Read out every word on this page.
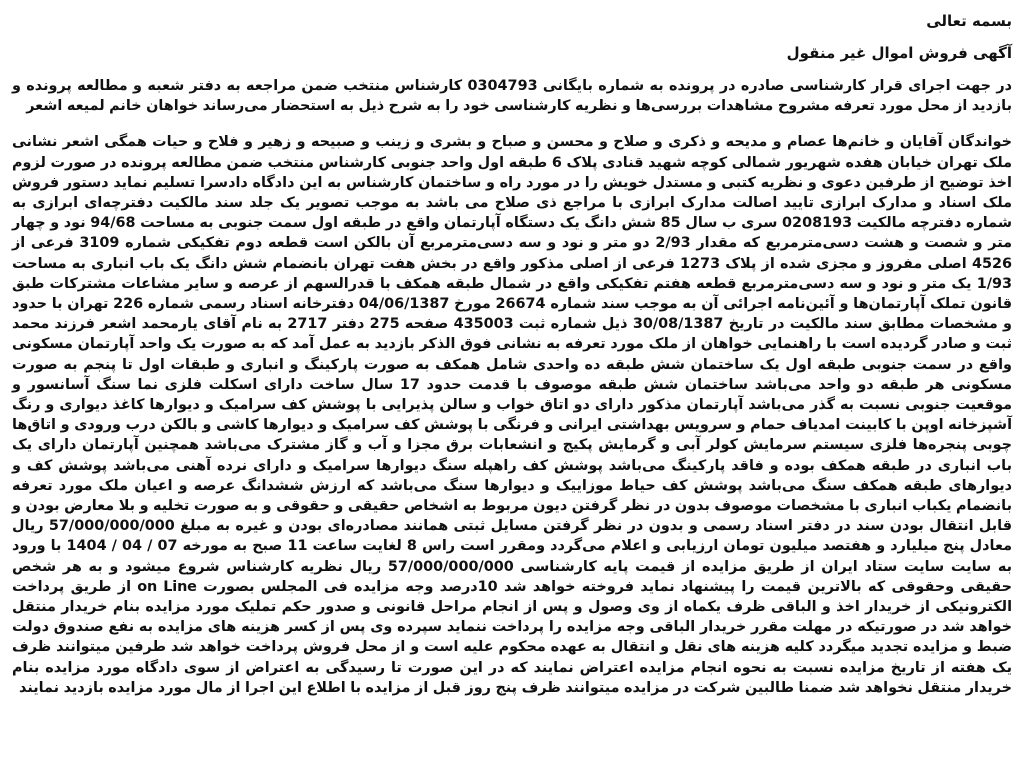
بسمه تعالی
آگهی فروش اموال غیر منقول

در جهت اجرای قرار کارشناسی صادره در پرونده به شماره بایگانی 0304793 کارشناس منتخب ضمن مراجعه به دفتر شعبه و مطالعه پرونده و بازدید از محل مورد تعرفه مشروح مشاهدات بررسی‌ها و نظریه کارشناسی خود را به شرح ذیل به استحضار می‌رساند خواهان خانم لمیعه اشعر

خواندگان آقایان و خانم‌ها عصام و مدیحه و ذکری و صلاح و محسن و صباح و بشری و زینب و صبیحه و زهیر و فلاح و حیات همگی اشعر نشانی ملک تهران خیابان هفده شهریور شمالی کوچه شهید قنادی پلاک 6 طبقه اول واحد جنوبی کارشناس منتخب ضمن مطالعه پرونده در صورت لزوم اخذ توضیح از طرفین دعوی و نظریه کتبی و مستدل خویش را در مورد راه و ساختمان کارشناس به این دادگاه دادسرا تسلیم نماید دستور فروش ملک اسناد و مدارک ابرازی تایید اصالت مدارک ابرازی با مراجع ذی صلاح می باشد به موجب تصویر یک جلد سند مالکیت دفترچه‌ای ابرازی به شماره دفترچه مالکیت 0208193 سری ب سال 85 شش دانگ یک دستگاه آپارتمان واقع در طبقه اول سمت جنوبی به مساحت 94/68 نود و چهار متر و شصت و هشت دسی‌مترمربع که مقدار 2/93 دو متر و نود و سه دسی‌مترمربع آن بالکن است قطعه دوم تفکیکی شماره 3109 فرعی از 4526 اصلی مفروز و مجزی شده از پلاک 1273 فرعی از اصلی مذکور واقع در بخش هفت تهران بانضمام شش دانگ یک باب انباری به مساحت 1/93 یک متر و نود و سه دسی‌مترمربع قطعه هفتم تفکیکی واقع در شمال طبقه همکف با قدرالسهم از عرصه و سایر مشاعات مشترکات طبق قانون تملک آپارتمان‌ها و آئین‌نامه اجرائی آن به موجب سند شماره 26674 مورخ 04/06/1387 دفترخانه اسناد رسمی شماره 226 تهران با حدود و مشخصات مطابق سند مالکیت در تاریخ 30/08/1387 ذیل شماره ثبت 435003 صفحه 275 دفتر 2717 به نام آقای یارمحمد اشعر فرزند محمد ثبت و صادر گردیده است با راهنمایی خواهان از ملک مورد تعرفه به نشانی فوق الذکر بازدید به عمل آمد که به صورت یک واحد آپارتمان مسکونی واقع در سمت جنوبی طبقه اول یک ساختمان شش طبقه ده واحدی شامل همکف به صورت پارکینگ و انباری و طبقات اول تا پنجم به صورت مسکونی هر طبقه دو واحد می‌باشد ساختمان شش طبقه موصوف با قدمت حدود 17 سال ساخت دارای اسکلت فلزی نما سنگ آسانسور و موقعیت جنوبی نسبت به گذر می‌باشد آپارتمان مذکور دارای دو اتاق خواب و سالن پذیرایی با پوشش کف سرامیک و دیوارها کاغذ دیواری و رنگ آشپزخانه اوپن با کابینت امدیاف حمام و سرویس بهداشتی ایرانی و فرنگی با پوشش کف سرامیک و دیوارها کاشی و بالکن درب ورودی و اتاق‌ها چوبی پنجره‌ها فلزی سیستم سرمایش کولر آبی و گرمایش پکیج و انشعابات برق مجزا و آب و گاز مشترک می‌باشد همچنین آپارتمان دارای یک باب انباری در طبقه همکف بوده و فاقد پارکینگ می‌باشد پوشش کف راهپله سنگ دیوارها سرامیک و دارای نرده آهنی می‌باشد پوشش کف و دیوارهای طبقه همکف سنگ می‌باشد پوشش کف حیاط موزاییک و دیوارها سنگ می‌باشد که ارزش ششدانگ عرصه و اعیان ملک مورد تعرفه بانضمام یکباب انباری با مشخصات موصوف بدون در نظر گرفتن دیون مربوط به اشخاص حقیقی و حقوقی و به صورت تخلیه و بلا معارض بودن و قابل انتقال بودن سند در دفتر اسناد رسمی و بدون در نظر گرفتن مسایل ثبتی همانند مصادره‌ای بودن و غیره به مبلغ 57/000/000/000 ریال معادل پنج میلیارد و هفتصد میلیون تومان ارزیابی و اعلام می‌گردد ومقرر است راس 8 لغایت ساعت 11 صبح به مورخه 07 / 04 / 1404 با ورود به سایت سایت ستاد ایران از طریق مزایده از قیمت پایه کارشناسی 57/000/000/000 ریال نظریه کارشناس شروع میشود و به هر شخص حقیقی وحقوقی که بالاترین قیمت را پیشنهاد نماید فروخته خواهد شد 10درصد وجه مزایده فی المجلس بصورت on Line از طریق پرداخت الکترونیکی از خریدار اخذ و الباقی ظرف یکماه از وی وصول و پس از انجام مراحل قانونی و صدور حکم تملیک مورد مزایده بنام خریدار منتقل خواهد شد در صورتیکه در مهلت مقرر خریدار الباقی وجه مزایده را پرداخت ننماید سپرده وی پس از کسر هزینه های مزایده به نفع صندوق دولت ضبط و مزایده تجدید میگردد کلیه هزینه های نقل و انتقال به عهده محکوم علیه است و از محل فروش پرداخت خواهد شد طرفین میتوانند ظرف یک هفته از تاریخ مزایده نسبت به نحوه انجام مزایده اعتراض نمایند که در این صورت تا رسیدگی به اعتراض از سوی دادگاه مورد مزایده بنام خریدار منتقل نخواهد شد ضمنا طالبین شرکت در مزایده میتوانند ظرف پنج روز قبل از مزایده با اطلاع این اجرا از مال مورد مزایده بازدید نمایند
